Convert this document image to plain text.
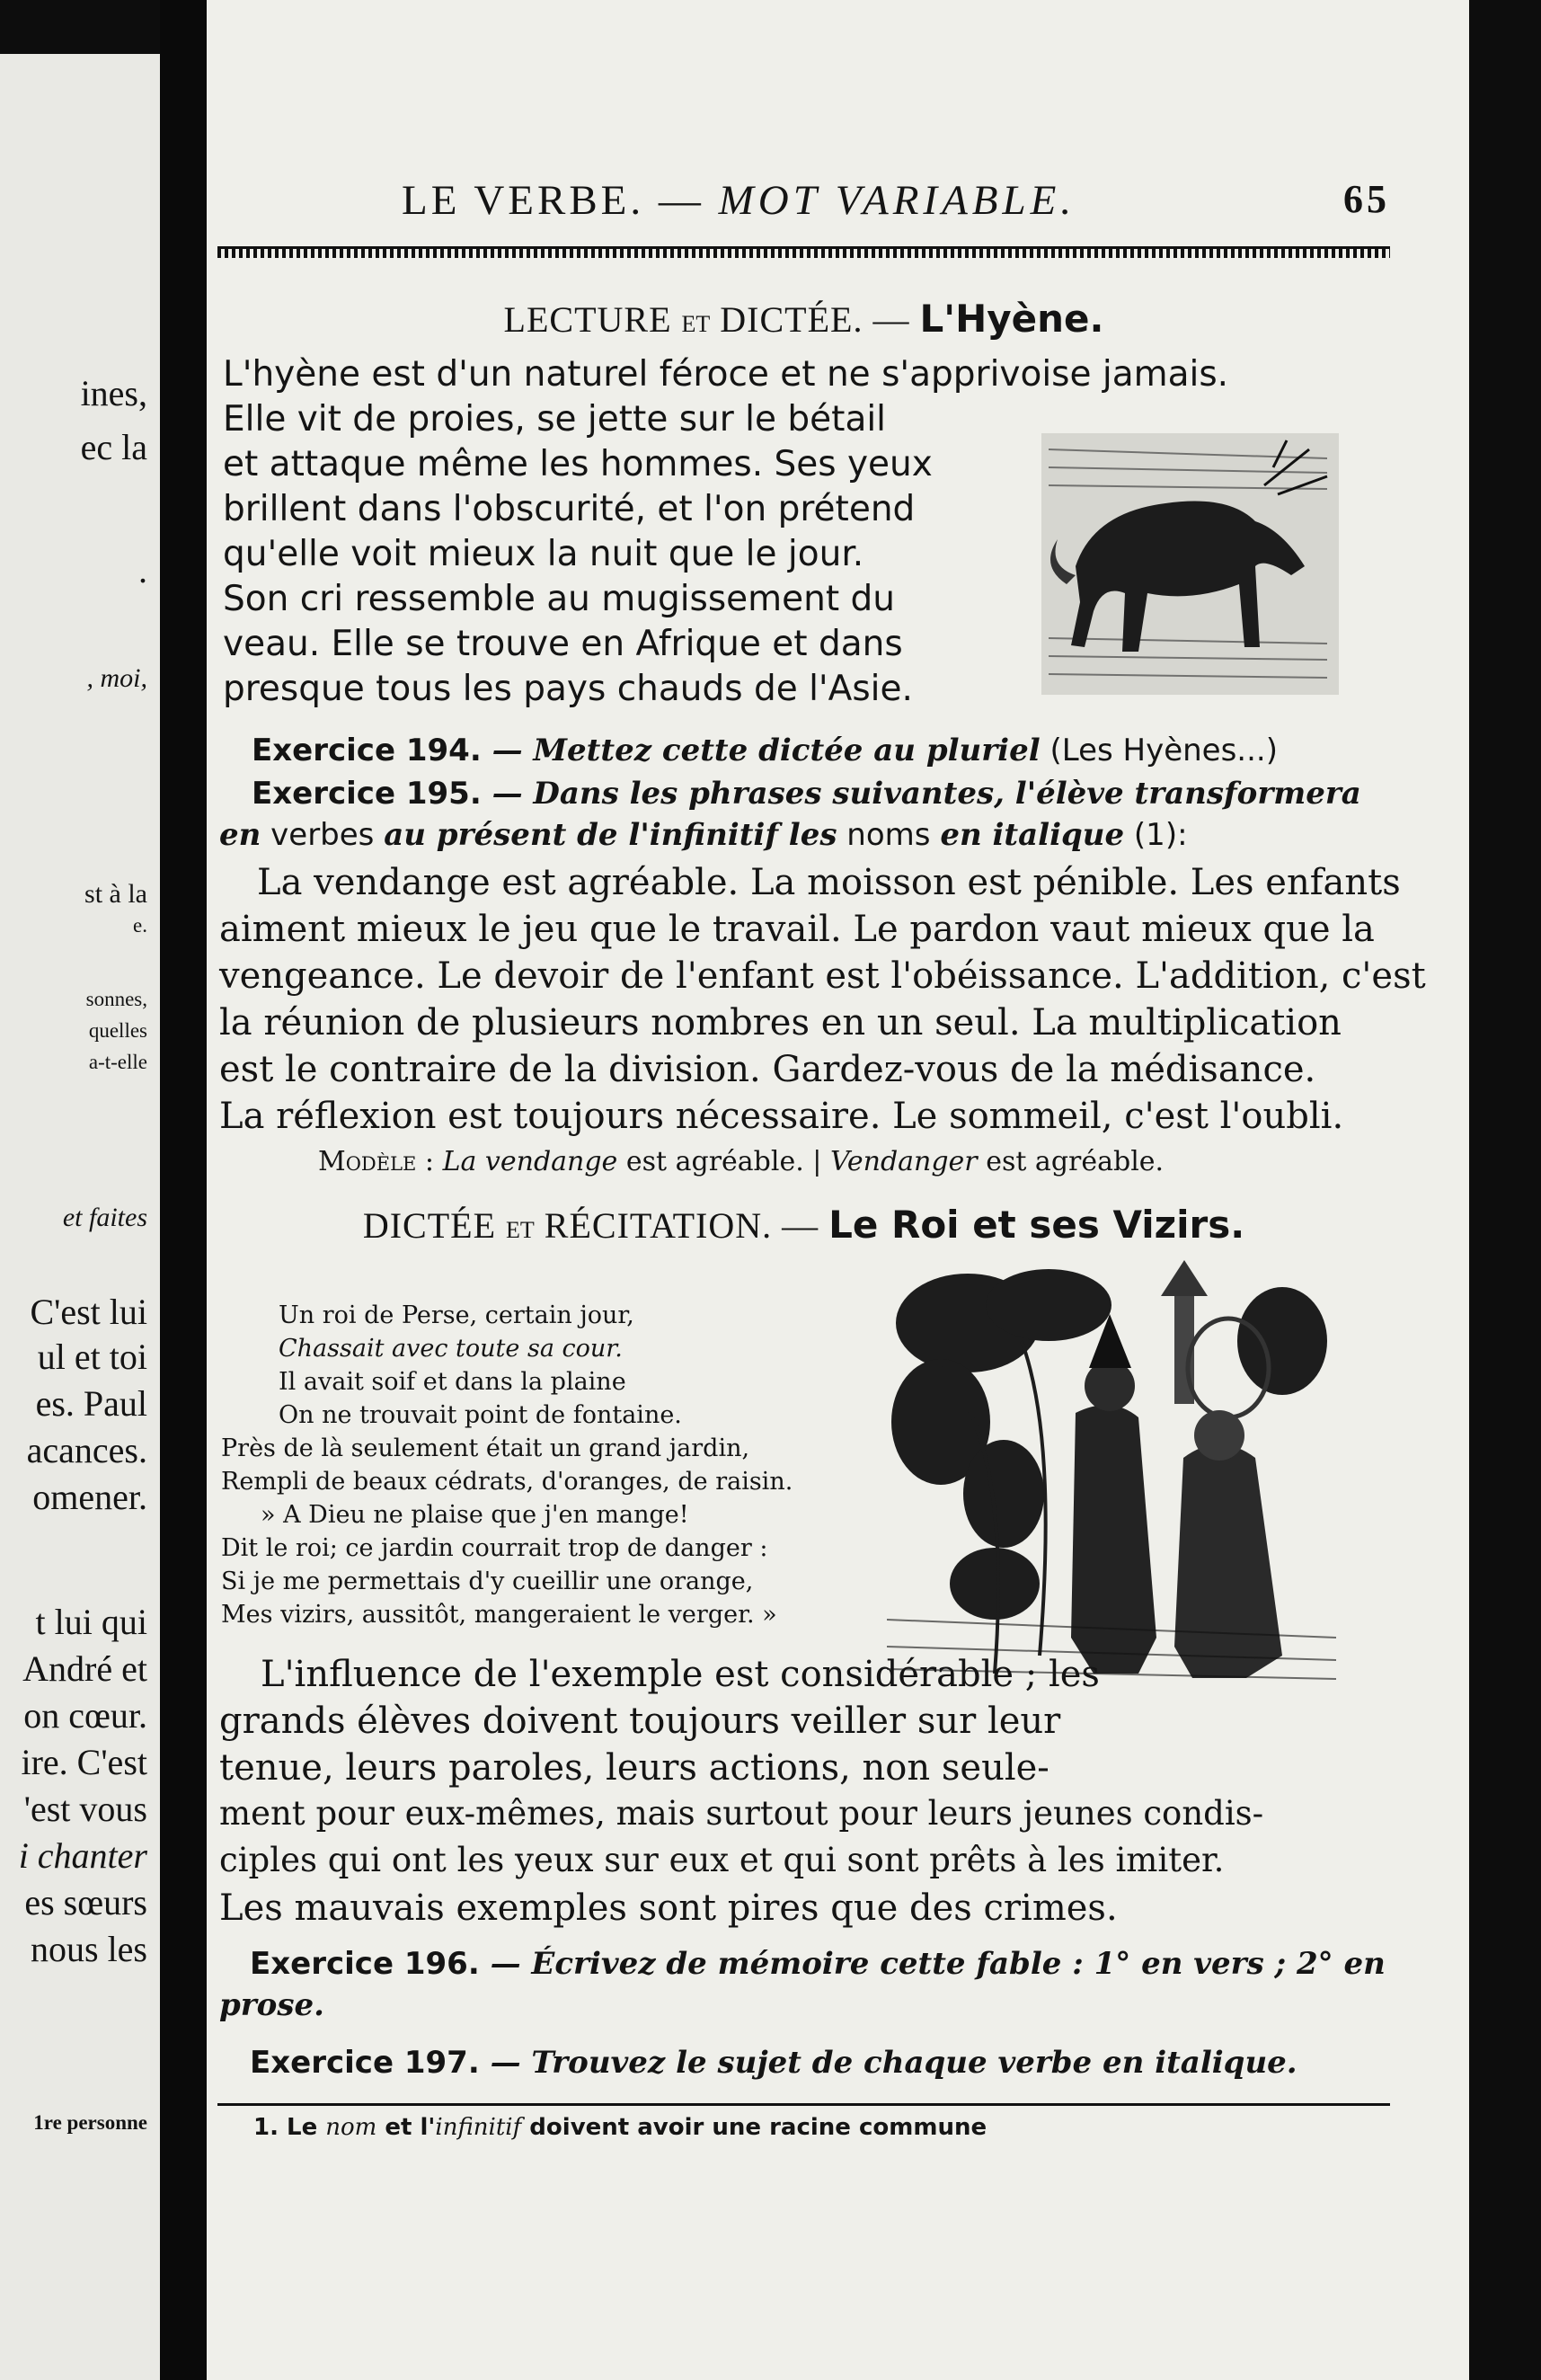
ines,
ec la
.
, moi,
st à la
e.
sonnes,
quelles
a-t-elle
et faites
C'est lui
ul et toi
es. Paul
acances.
omener.
t lui qui
André et
on cœur.
ire. C'est
'est vous
i chanter
es sœurs
nous les
1re personne
LE VERBE. — MOT VARIABLE.	65
LECTURE ET DICTÉE. — L'Hyène.
L'hyène est d'un naturel féroce et ne s'apprivoise jamais.
Elle vit de proies, se jette sur le bétail
et attaque même les hommes. Ses yeux
brillent dans l'obscurité, et l'on prétend
qu'elle voit mieux la nuit que le jour.
Son cri ressemble au mugissement du
veau. Elle se trouve en Afrique et dans
presque tous les pays chauds de l'Asie.
Exercice 194. — Mettez cette dictée au pluriel (Les Hyènes...)
Exercice 195. — Dans les phrases suivantes, l'élève transformera
en verbes au présent de l'infinitif les noms en italique (1):
La vendange est agréable. La moisson est pénible. Les enfants
aiment mieux le jeu que le travail. Le pardon vaut mieux que la
vengeance. Le devoir de l'enfant est l'obéissance. L'addition, c'est
la réunion de plusieurs nombres en un seul. La multiplication
est le contraire de la division. Gardez-vous de la médisance.
La réflexion est toujours nécessaire. Le sommeil, c'est l'oubli.
Modèle : La vendange est agréable. | Vendanger est agréable.
DICTÉE ET RÉCITATION. — Le Roi et ses Vizirs.
Un roi de Perse, certain jour,
Chassait avec toute sa cour.
Il avait soif et dans la plaine
On ne trouvait point de fontaine.
Près de là seulement était un grand jardin,
Rempli de beaux cédrats, d'oranges, de raisin.
» A Dieu ne plaise que j'en mange!
Dit le roi; ce jardin courrait trop de danger :
Si je me permettais d'y cueillir une orange,
Mes vizirs, aussitôt, mangeraient le verger. »
L'influence de l'exemple est considérable ; les
grands élèves doivent toujours veiller sur leur
tenue, leurs paroles, leurs actions, non seule-
ment pour eux-mêmes, mais surtout pour leurs jeunes condis-
ciples qui ont les yeux sur eux et qui sont prêts à les imiter.
Les mauvais exemples sont pires que des crimes.
Exercice 196. — Écrivez de mémoire cette fable : 1° en vers ; 2° en
prose.
Exercice 197. — Trouvez le sujet de chaque verbe en italique.
1. Le nom et l'infinitif doivent avoir une racine commune
